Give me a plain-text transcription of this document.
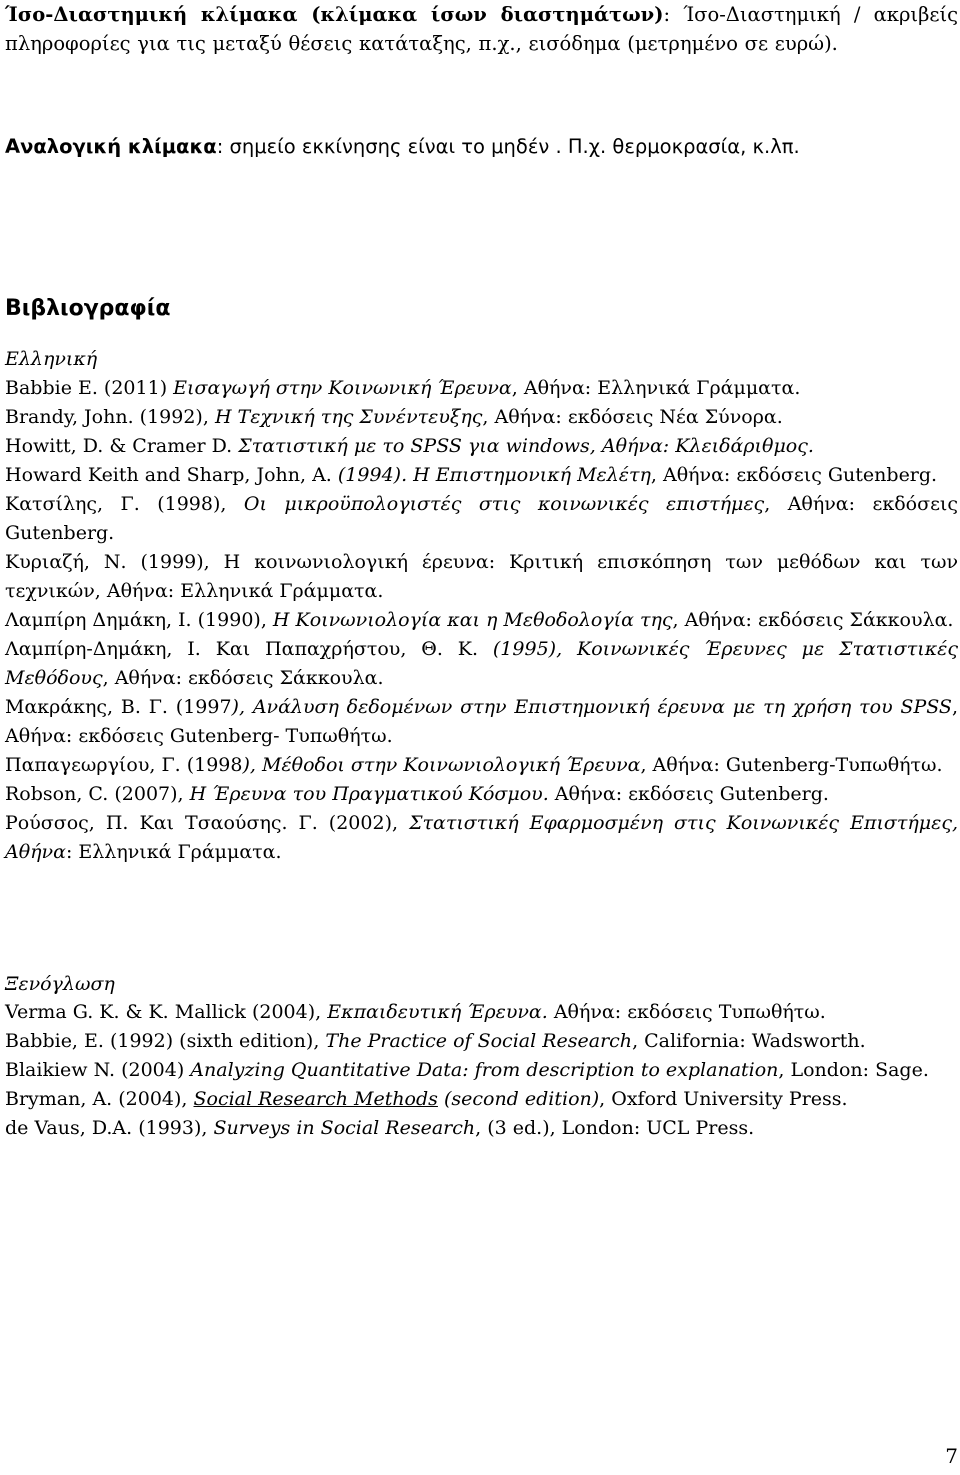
Ίσο-Διαστημική κλίμακα (κλίμακα ίσων διαστημάτων): Ίσο-Διαστημική / ακριβείς πληροφορίες για τις μεταξύ θέσεις κατάταξης, π.χ., εισόδημα (μετρημένο σε ευρώ).

Αναλογική κλίμακα: σημείο εκκίνησης είναι το μηδέν . Π.χ. θερμοκρασία, κ.λπ.

Βιβλιογραφία
Ελληνική
Babbie E. (2011) Εισαγωγή στην Κοινωνική Έρευνα, Αθήνα: Ελληνικά Γράμματα.
Brandy, John. (1992), Η Τεχνική της Συνέντευξης, Αθήνα: εκδόσεις Νέα Σύνορα.
Howitt, D. & Cramer D. Στατιστική με το SPSS για windows, Αθήνα: Κλειδάριθμος.
Howard Keith and Sharp, John, A. (1994). Η Επιστημονική Μελέτη, Αθήνα: εκδόσεις Gutenberg.
Κατσίλης, Γ. (1998), Οι μικροϋπολογιστές στις κοινωνικές επιστήμες, Αθήνα: εκδόσεις Gutenberg.
Κυριαζή, Ν. (1999), Η κοινωνιολογική έρευνα: Κριτική επισκόπηση των μεθόδων και των τεχνικών, Αθήνα: Ελληνικά Γράμματα.
Λαμπίρη Δημάκη, Ι. (1990), Η Κοινωνιολογία και η Μεθοδολογία της, Αθήνα: εκδόσεις Σάκκουλα.
Λαμπίρη-Δημάκη, Ι. Και Παπαχρήστου, Θ. Κ. (1995), Κοινωνικές Έρευνες με Στατιστικές Μεθόδους, Αθήνα: εκδόσεις Σάκκουλα.
Μακράκης, Β. Γ. (1997), Ανάλυση δεδομένων στην Επιστημονική έρευνα με τη χρήση του SPSS, Αθήνα: εκδόσεις Gutenberg- Τυπωθήτω.
Παπαγεωργίου, Γ. (1998), Μέθοδοι στην Κοινωνιολογική Έρευνα, Αθήνα: Gutenberg-Τυπωθήτω.
Robson, C. (2007), Η Έρευνα του Πραγματικού Κόσμου. Αθήνα: εκδόσεις Gutenberg.
Ρούσσος, Π. Και Τσαούσης. Γ. (2002), Στατιστική Εφαρμοσμένη στις Κοινωνικές Επιστήμες, Αθήνα: Ελληνικά Γράμματα.
Ξενόγλωση
Verma G. K. & K. Mallick (2004), Εκπαιδευτική Έρευνα. Αθήνα: εκδόσεις Τυπωθήτω.
Babbie, E. (1992) (sixth edition), The Practice of Social Research, California: Wadsworth.
Blaikiew N. (2004) Analyzing Quantitative Data: from description to explanation, London: Sage.
Bryman, A. (2004), Social Research Methods (second edition), Oxford University Press.
de Vaus, D.A. (1993), Surveys in Social Research, (3 ed.), London: UCL Press.
7
